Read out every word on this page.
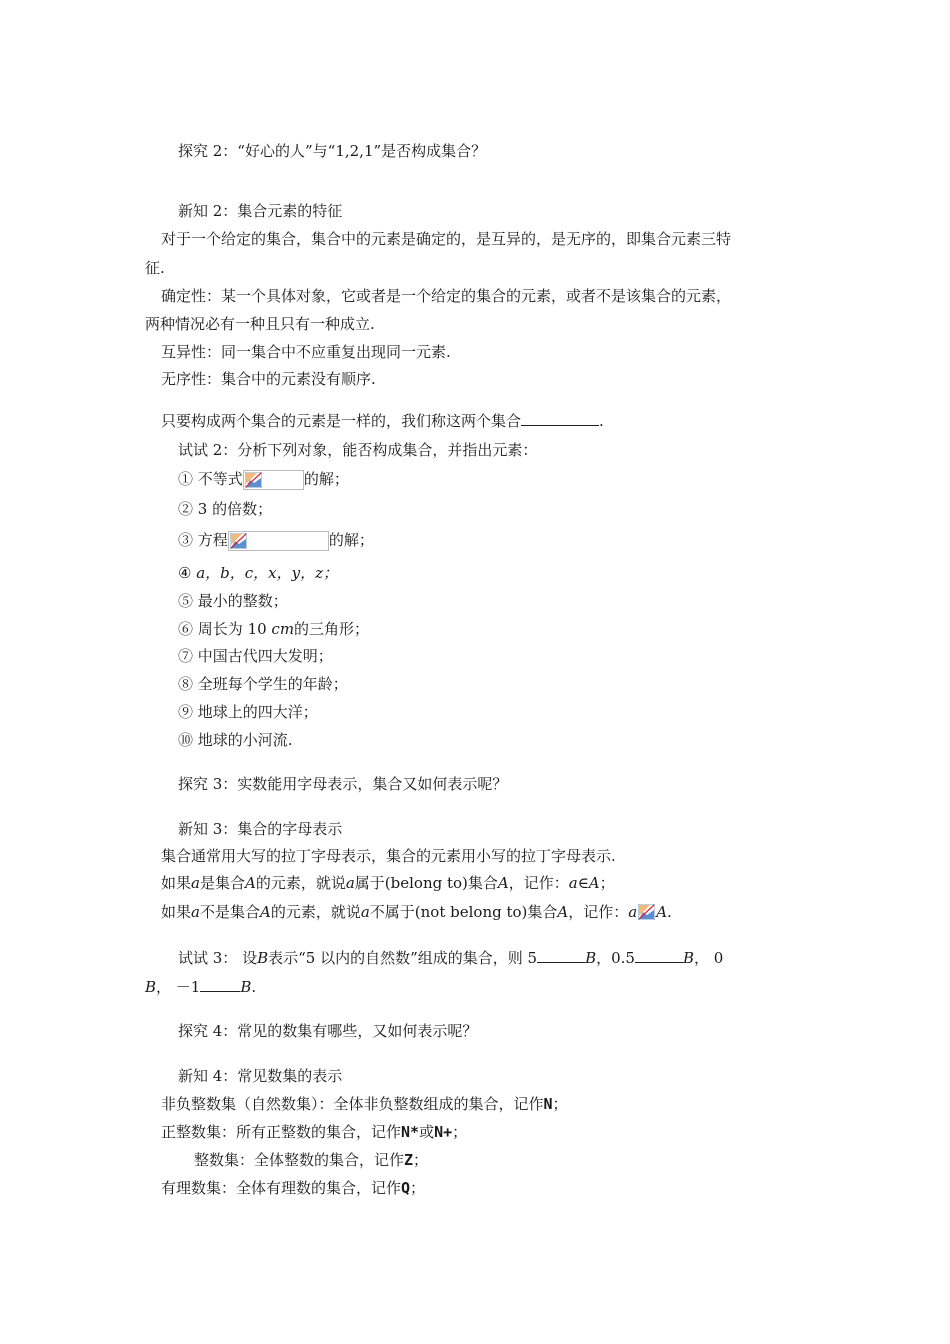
探究 2：“好心的人”与“1,2,1”是否构成集合？
新知 2：集合元素的特征
对于一个给定的集合，集合中的元素是确定的，是互异的，是无序的，即集合元素三特
征.
确定性：某一个具体对象，它或者是一个给定的集合的元素，或者不是该集合的元素，
两种情况必有一种且只有一种成立.
互异性：同一集合中不应重复出现同一元素.
无序性：集合中的元素没有顺序.
只要构成两个集合的元素是一样的，我们称这两个集合	.
试试 2：分析下列对象，能否构成集合，并指出元素：
① 不等式	的解；
② 3 的倍数；
③ 方程	的解；
④ a，b，c，x，y，z；
⑤ 最小的整数；
⑥ 周长为 10 cm的三角形；
⑦ 中国古代四大发明；
⑧ 全班每个学生的年龄；
⑨ 地球上的四大洋；
⑩ 地球的小河流.
探究 3：实数能用字母表示，集合又如何表示呢？
新知 3：集合的字母表示
集合通常用大写的拉丁字母表示，集合的元素用小写的拉丁字母表示.
如果a是集合A的元素，就说a属于(belong to)集合A，记作：a∈A；
如果a不是集合A的元素，就说a不属于(not belong to)集合A，记作：a A.
试试 3： 设B表示“5 以内的自然数”组成的集合，则 5	B，0.5	B， 0
B， －1	B.
探究 4：常见的数集有哪些，又如何表示呢？
新知 4：常见数集的表示
非负整数集（自然数集）：全体非负整数组成的集合，记作N；
正整数集：所有正整数的集合，记作N*或N+；
整数集：全体整数的集合，记作Z；
有理数集：全体有理数的集合，记作Q；
